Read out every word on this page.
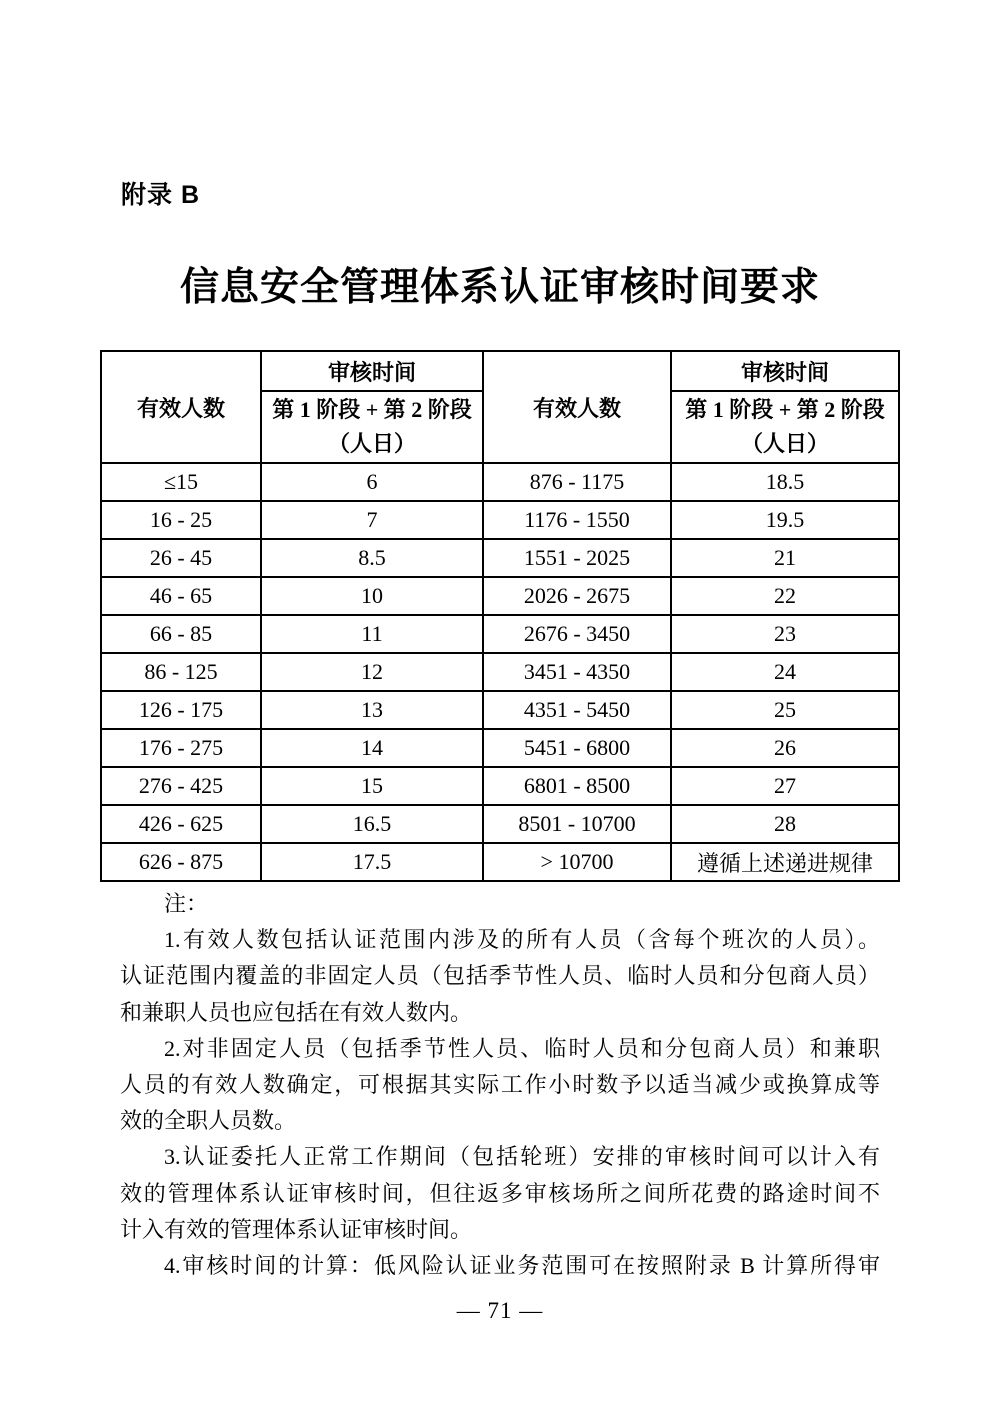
附录 B
信息安全管理体系认证审核时间要求
有效人数	审核时间	有效人数	审核时间

第 1 阶段 + 第 2 阶段
（人日）

第 1 阶段 + 第 2 阶段
（人日）

≤15	6	876 - 1175	18.5
16 - 25	7	1176 - 1550	19.5
26 - 45	8.5	1551 - 2025	21
46 - 65	10	2026 - 2675	22
66 - 85	11	2676 - 3450	23
86 - 125	12	3451 - 4350	24
126 - 175	13	4351 - 5450	25
176 - 275	14	5451 - 6800	26
276 - 425	15	6801 - 8500	27
426 - 625	16.5	8501 - 10700	28
626 - 875	17.5	> 10700	遵循上述递进规律
注：
1.有效人数包括认证范围内涉及的所有人员（含每个班次的人员）。
认证范围内覆盖的非固定人员（包括季节性人员、临时人员和分包商人员）
和兼职人员也应包括在有效人数内。
2.对非固定人员（包括季节性人员、临时人员和分包商人员）和兼职
人员的有效人数确定，可根据其实际工作小时数予以适当减少或换算成等
效的全职人员数。
3.认证委托人正常工作期间（包括轮班）安排的审核时间可以计入有
效的管理体系认证审核时间，但往返多审核场所之间所花费的路途时间不
计入有效的管理体系认证审核时间。
4.审核时间的计算：低风险认证业务范围可在按照附录 B 计算所得审
— 71 —
